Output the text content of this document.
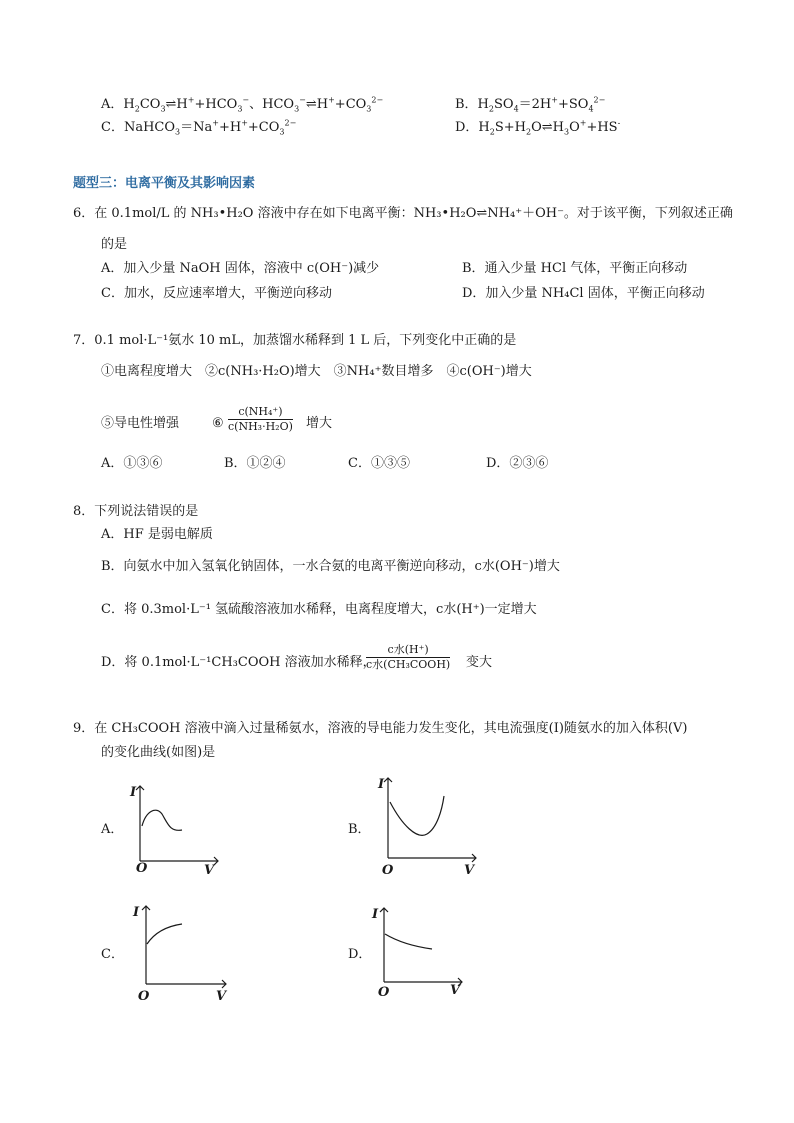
A．$H_2CO_3\rightleftharpoons H^++HCO_3^-$、$HCO_3^-\rightleftharpoons H^++CO_3^{2-}$	B．$H_2SO_4=2H^++SO_4^{2-}$
C．$NaHCO_3=Na^++H^++CO_3^{2-}$	D．$H_2S+H_2O\rightleftharpoons H_3O^++HS^-$
题型三：电离平衡及其影响因素
6．在 0.1mol/L 的 NH₃•H₂O 溶液中存在如下电离平衡：NH₃•H₂O⇌NH₄⁺＋OH⁻。对于该平衡，下列叙述正确
的是
A．加入少量 NaOH 固体，溶液中 c(OH⁻)减少	B．通入少量 HCl 气体，平衡正向移动
C．加水，反应速率增大，平衡逆向移动	D．加入少量 NH₄Cl 固体，平衡正向移动
7．0.1 mol·L⁻¹氨水 10 mL，加蒸馏水稀释到 1 L 后，下列变化中正确的是
①电离程度增大　②c(NH₃·H₂O)增大　③NH₄⁺数目增多　④c(OH⁻)增大
⑤导电性增强	⑥
c(NH₄⁺)
c(NH₃·H₂O) 增大
A．①③⑥	B．①②④	C．①③⑤	D．②③⑥
8．下列说法错误的是
A．HF 是弱电解质
B．向氨水中加入氢氧化钠固体，一水合氨的电离平衡逆向移动，c水(OH⁻)增大
C．将 0.3mol·L⁻¹ 氢硫酸溶液加水稀释，电离程度增大，c水(H⁺)一定增大
D．将 0.1mol·L⁻¹CH₃COOH 溶液加水稀释，
c水(H⁺)
c水(CH₃COOH) 变大
9．在 CH₃COOH 溶液中滴入过量稀氨水，溶液的导电能力发生变化，其电流强度(I)随氨水的加入体积(V)
的变化曲线(如图)是
A．	B．
C．	D．
I
O	V
I
O	V
I
O	V
I
O	V
